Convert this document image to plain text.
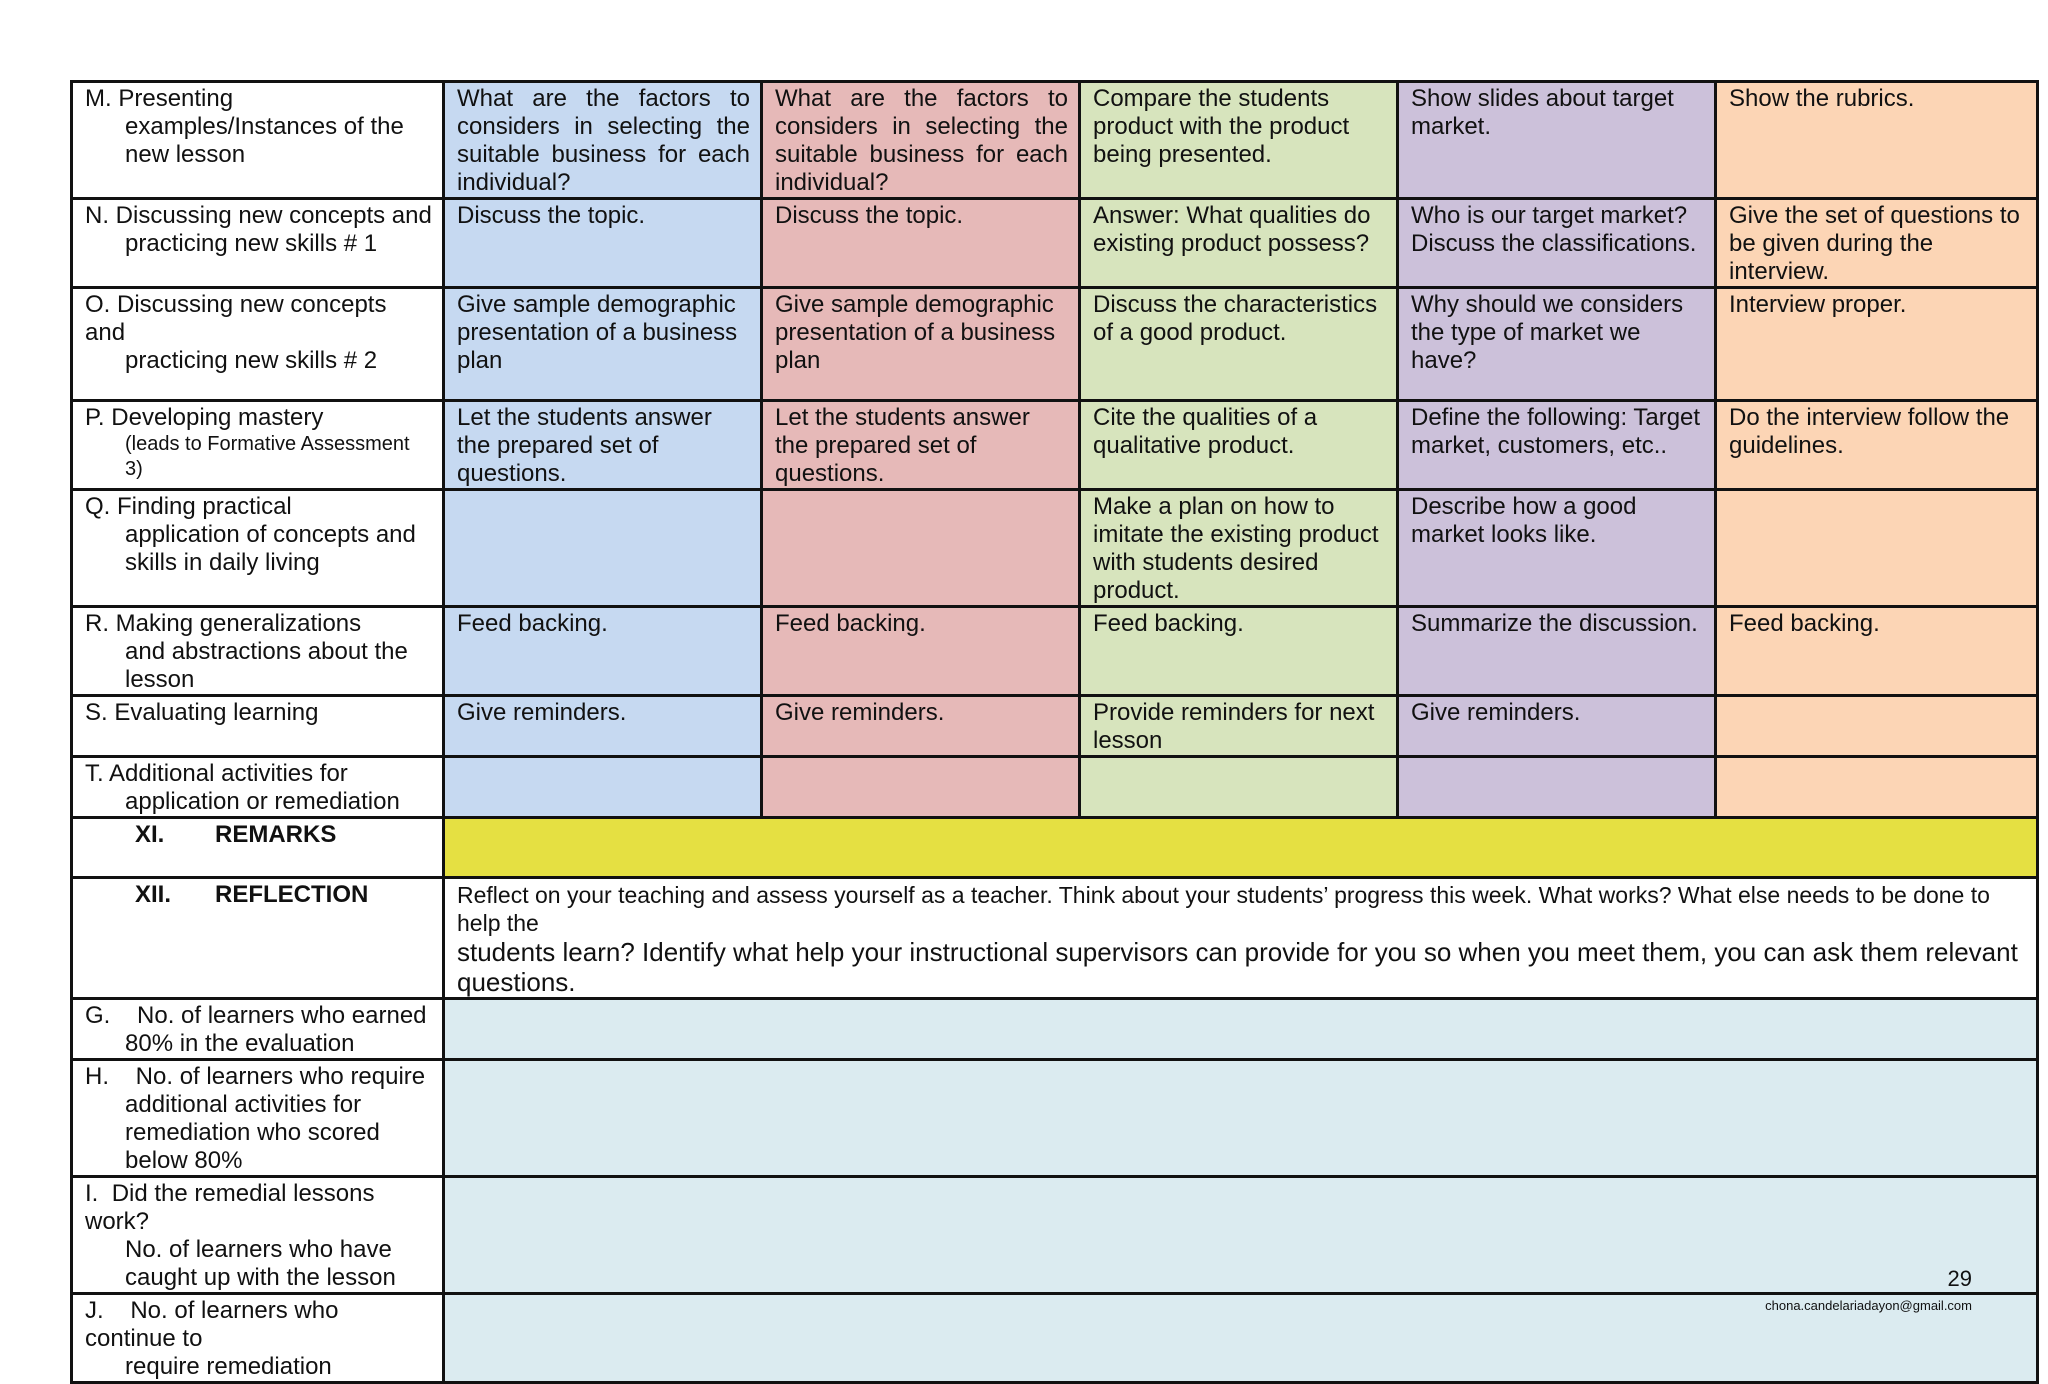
M. Presenting
examples/Instances of the new lesson	What are the factors to considers in selecting the suitable business for each individual?	What are the factors to considers in selecting the suitable business for each individual?	Compare the students product with the product being presented.	Show slides about target market.	Show the rubrics.

N. Discussing new concepts and
practicing new skills # 1	Discuss the topic.	Discuss the topic.	Answer: What qualities do existing product possess?	Who is our target market? Discuss the classifications.	Give the set of questions to be given during the interview.

O. Discussing new concepts and
practicing new skills # 2	Give sample demographic presentation of a business plan	Give sample demographic presentation of a business plan	Discuss the characteristics of a good product.	Why should we considers the type of market we have?	Interview proper.

P. Developing mastery
(leads to Formative Assessment 3)	Let the students answer the prepared set of questions.	Let the students answer the prepared set of questions.	Cite the qualities of a qualitative product.	Define the following: Target market, customers, etc..	Do the interview follow the guidelines.

Q. Finding practical
application of concepts and skills in daily living			Make a plan on how to imitate the existing product with students desired product.	Describe how a good market looks like.	

R. Making generalizations
and abstractions about the lesson	Feed backing.	Feed backing.	Feed backing.	Summarize the discussion.	Feed backing.

S. Evaluating learning	Give reminders.	Give reminders.	Provide reminders for next lesson	Give reminders.	

T. Additional activities for
application or remediation					

XI. REMARKS					

XII. REFLECTION	Reflect on your teaching and assess yourself as a teacher. Think about your students’ progress this week. What works? What else needs to be done to help the
students learn? Identify what help your instructional supervisors can provide for you so when you meet them, you can ask them relevant questions.				

G. No. of learners who earned
80% in the evaluation					

H. No. of learners who require
additional activities for remediation who scored below 80%					

I. Did the remedial lessons work?
No. of learners who have caught up with the lesson					

J. No. of learners who continue to
require remediation					

29
chona.candelariadayon@gmail.com
